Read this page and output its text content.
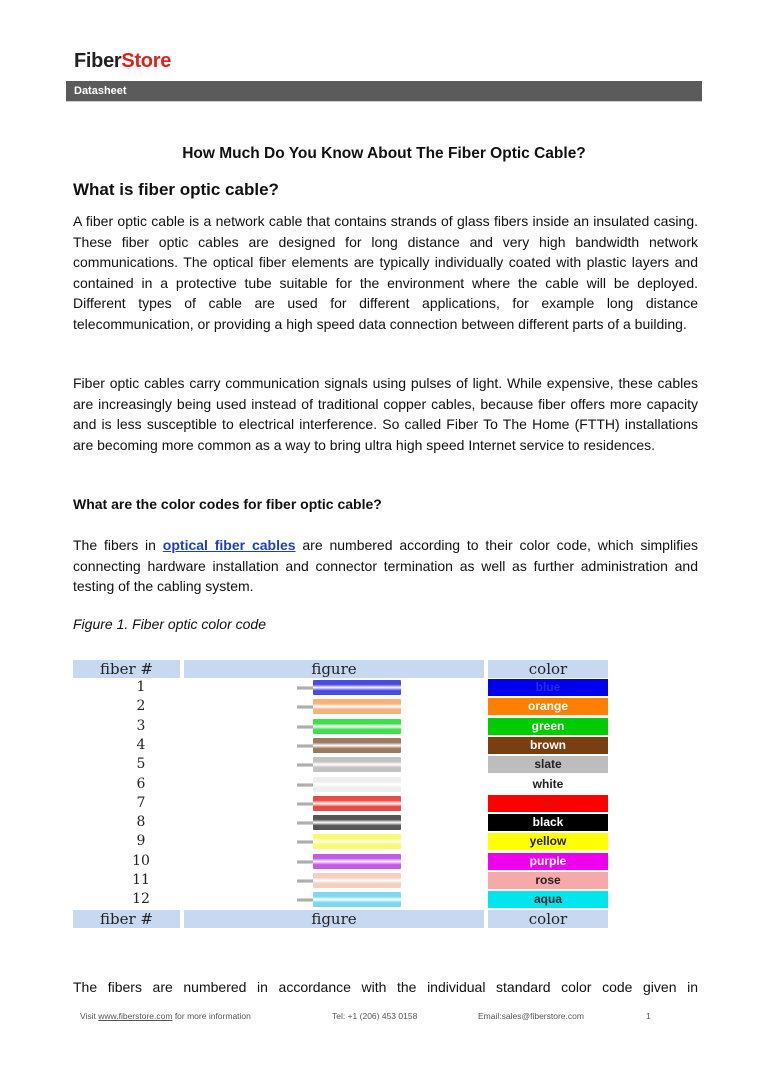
FiberStore
Datasheet
How Much Do You Know About The Fiber Optic Cable?
What is fiber optic cable?

A fiber optic cable is a network cable that contains strands of glass fibers inside an insulated casing. These fiber optic cables are designed for long distance and very high bandwidth network communications. The optical fiber elements are typically individually coated with plastic layers and contained in a protective tube suitable for the environment where the cable will be deployed. Different types of cable are used for different applications, for example long distance telecommunication, or providing a high speed data connection between different parts of a building.

Fiber optic cables carry communication signals using pulses of light. While expensive, these cables are increasingly being used instead of traditional copper cables, because fiber offers more capacity and is less susceptible to electrical interference. So called Fiber To The Home (FTTH) installations are becoming more common as a way to bring ultra high speed Internet service to residences.

What are the color codes for fiber optic cable?

The fibers in optical fiber cables are numbered according to their color code, which simplifies connecting hardware installation and connector termination as well as further administration and testing of the cabling system.

Figure 1. Fiber optic color code
fiber #	figure	color
1	blue
2	orange
3	green
4	brown
5	slate
6	white
7	red
8	black
9	yellow
10	purple
11	rose
12	aqua
fiber #	figure	color

The fibers are numbered in accordance with the individual standard color code given in

Visit www.fiberstore.com for more information	Tel: +1 (206) 453 0158	Email:sales@fiberstore.com	1
